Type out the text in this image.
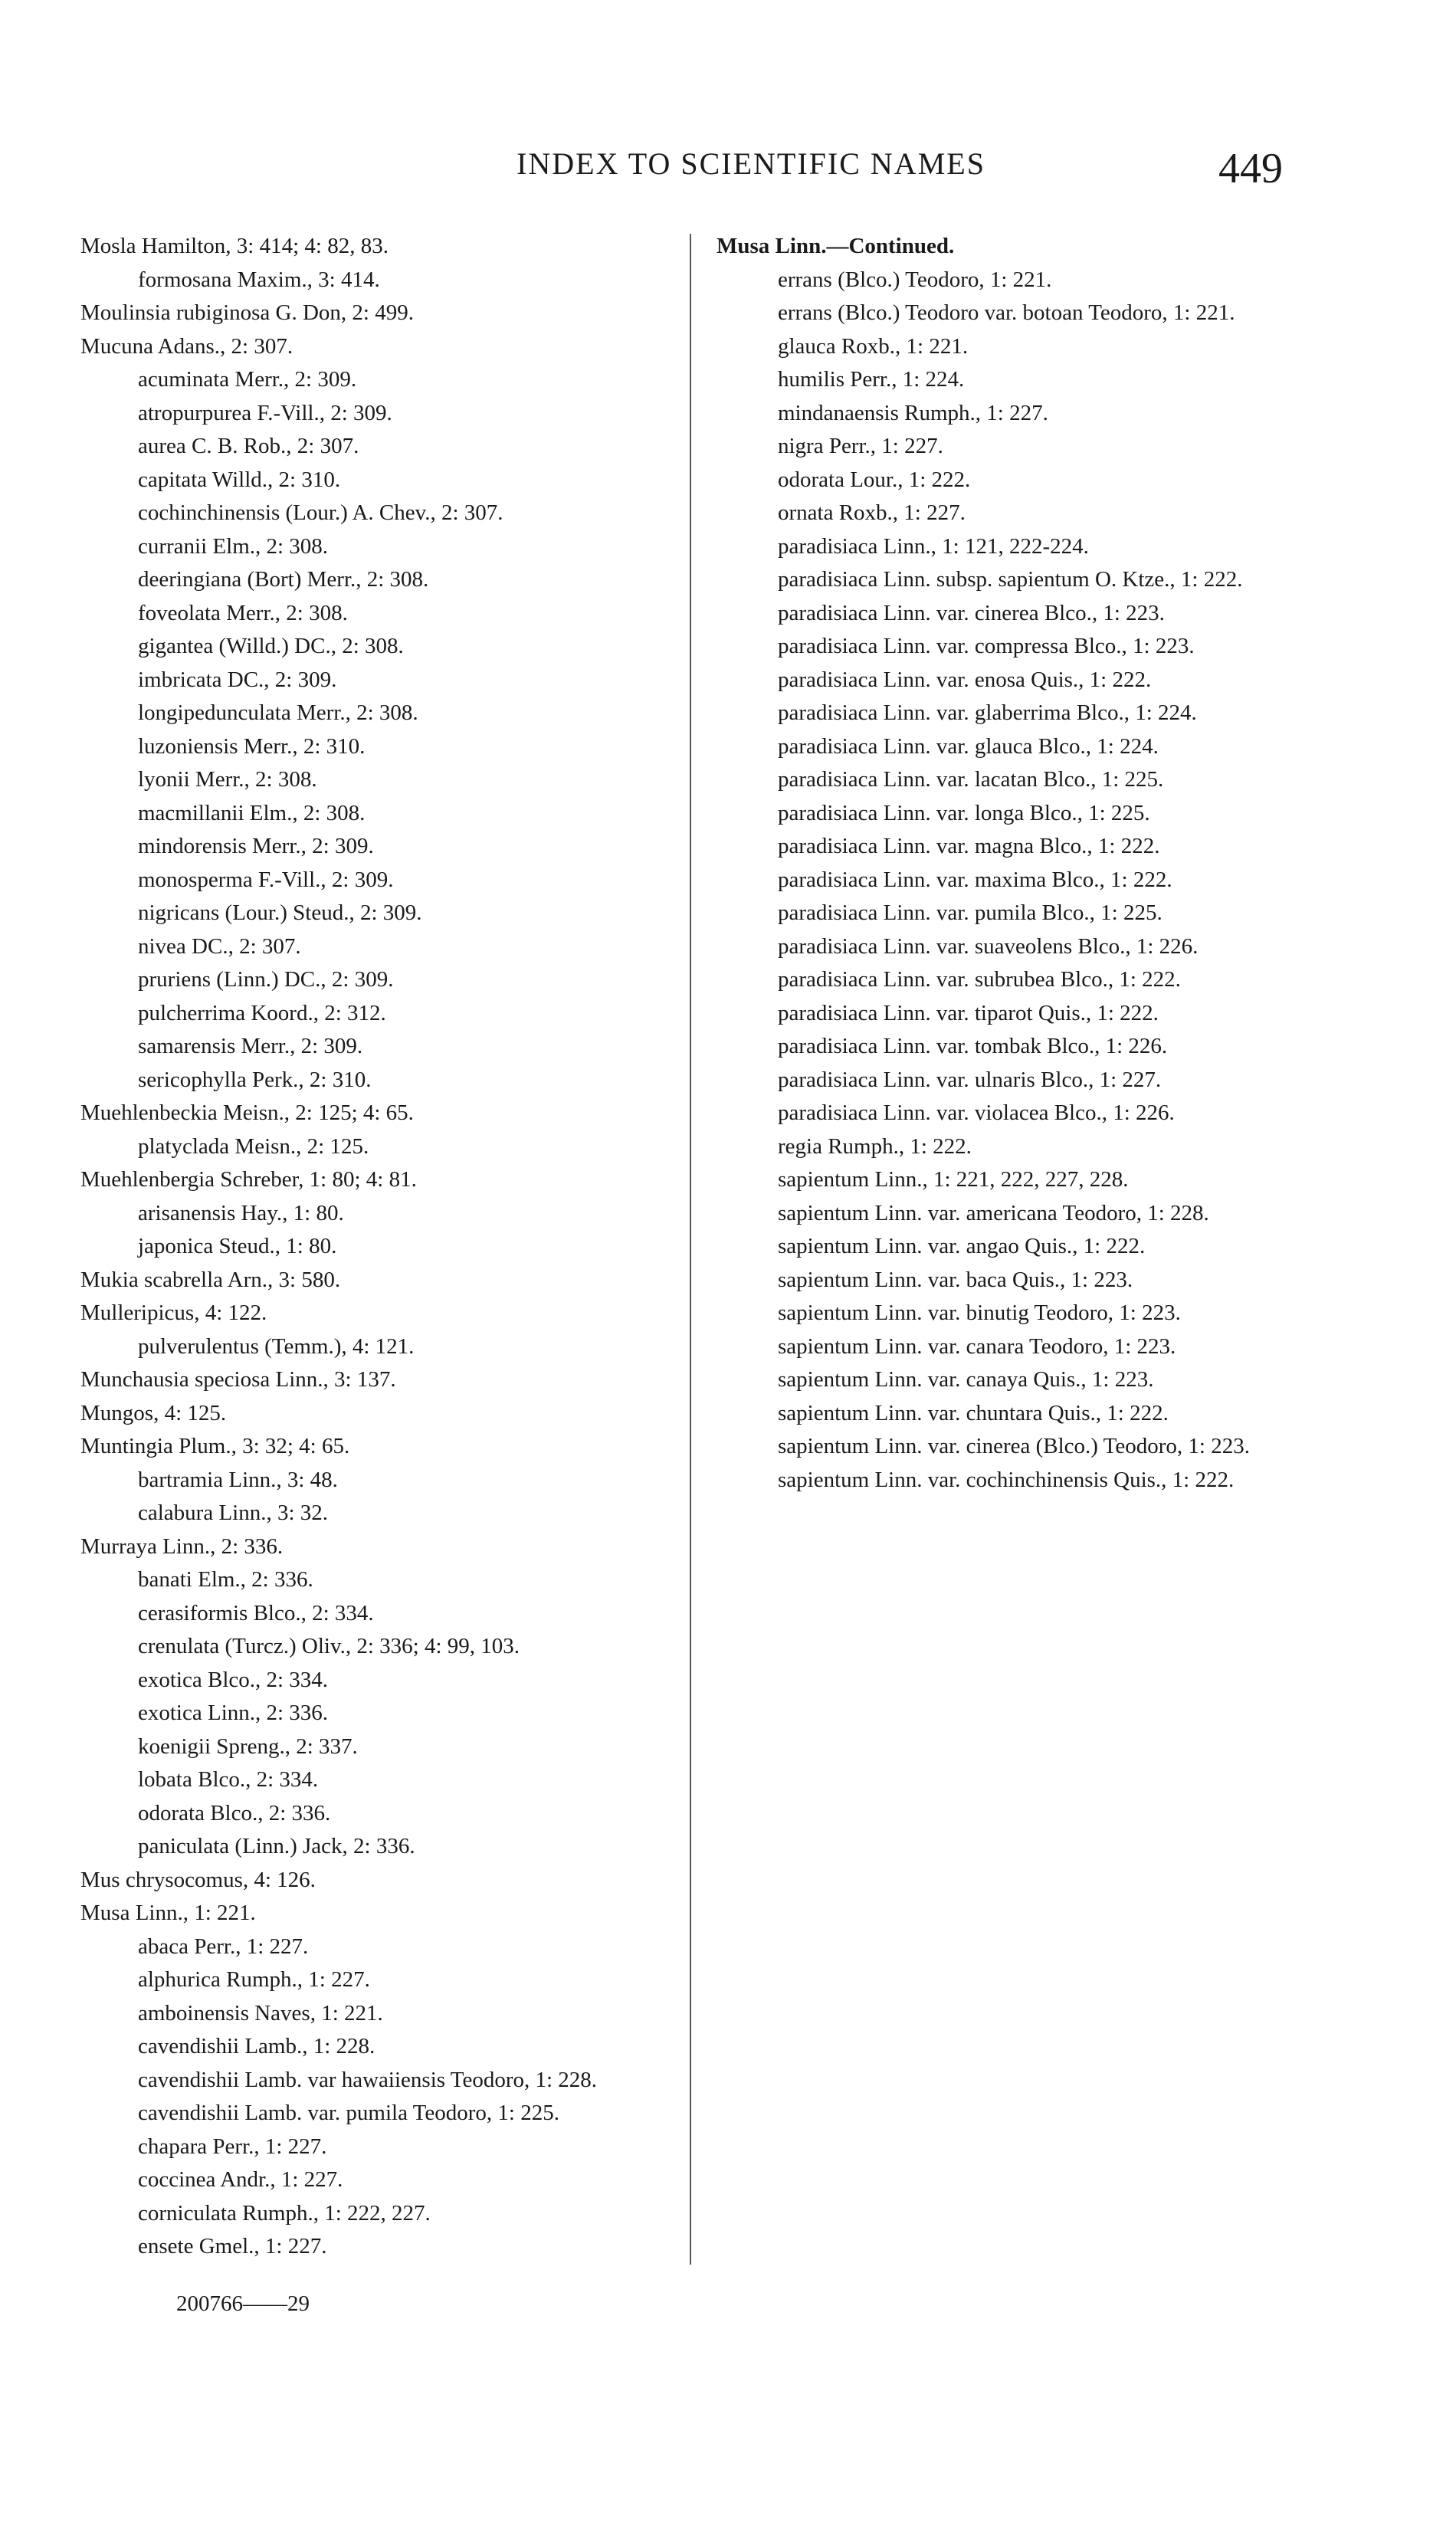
INDEX TO SCIENTIFIC NAMES	449
Mosla Hamilton, 3: 414; 4: 82, 83.
formosana Maxim., 3: 414.
Moulinsia rubiginosa G. Don, 2: 499.
Mucuna Adans., 2: 307.
acuminata Merr., 2: 309.
atropurpurea F.-Vill., 2: 309.
aurea C. B. Rob., 2: 307.
capitata Willd., 2: 310.
cochinchinensis (Lour.) A. Chev., 2: 307.
curranii Elm., 2: 308.
deeringiana (Bort) Merr., 2: 308.
foveolata Merr., 2: 308.
gigantea (Willd.) DC., 2: 308.
imbricata DC., 2: 309.
longipedunculata Merr., 2: 308.
luzoniensis Merr., 2: 310.
lyonii Merr., 2: 308.
macmillanii Elm., 2: 308.
mindorensis Merr., 2: 309.
monosperma F.-Vill., 2: 309.
nigricans (Lour.) Steud., 2: 309.
nivea DC., 2: 307.
pruriens (Linn.) DC., 2: 309.
pulcherrima Koord., 2: 312.
samarensis Merr., 2: 309.
sericophylla Perk., 2: 310.
Muehlenbeckia Meisn., 2: 125; 4: 65.
platyclada Meisn., 2: 125.
Muehlenbergia Schreber, 1: 80; 4: 81.
arisanensis Hay., 1: 80.
japonica Steud., 1: 80.
Mukia scabrella Arn., 3: 580.
Mulleripicus, 4: 122.
pulverulentus (Temm.), 4: 121.
Munchausia speciosa Linn., 3: 137.
Mungos, 4: 125.
Muntingia Plum., 3: 32; 4: 65.
bartramia Linn., 3: 48.
calabura Linn., 3: 32.
Murraya Linn., 2: 336.
banati Elm., 2: 336.
cerasiformis Blco., 2: 334.
crenulata (Turcz.) Oliv., 2: 336; 4: 99, 103.
exotica Blco., 2: 334.
exotica Linn., 2: 336.
koenigii Spreng., 2: 337.
lobata Blco., 2: 334.
odorata Blco., 2: 336.
paniculata (Linn.) Jack, 2: 336.
Mus chrysocomus, 4: 126.
Musa Linn., 1: 221.
abaca Perr., 1: 227.
alphurica Rumph., 1: 227.
amboinensis Naves, 1: 221.
cavendishii Lamb., 1: 228.
cavendishii Lamb. var hawaiiensis Teodoro, 1: 228.
cavendishii Lamb. var. pumila Teodoro, 1: 225.
chapara Perr., 1: 227.
coccinea Andr., 1: 227.
corniculata Rumph., 1: 222, 227.
ensete Gmel., 1: 227.
Musa Linn.—Continued.
errans (Blco.) Teodoro, 1: 221.
errans (Blco.) Teodoro var. botoan Teodoro, 1: 221.
glauca Roxb., 1: 221.
humilis Perr., 1: 224.
mindanaensis Rumph., 1: 227.
nigra Perr., 1: 227.
odorata Lour., 1: 222.
ornata Roxb., 1: 227.
paradisiaca Linn., 1: 121, 222-224.
paradisiaca Linn. subsp. sapientum O. Ktze., 1: 222.
paradisiaca Linn. var. cinerea Blco., 1: 223.
paradisiaca Linn. var. compressa Blco., 1: 223.
paradisiaca Linn. var. enosa Quis., 1: 222.
paradisiaca Linn. var. glaberrima Blco., 1: 224.
paradisiaca Linn. var. glauca Blco., 1: 224.
paradisiaca Linn. var. lacatan Blco., 1: 225.
paradisiaca Linn. var. longa Blco., 1: 225.
paradisiaca Linn. var. magna Blco., 1: 222.
paradisiaca Linn. var. maxima Blco., 1: 222.
paradisiaca Linn. var. pumila Blco., 1: 225.
paradisiaca Linn. var. suaveolens Blco., 1: 226.
paradisiaca Linn. var. subrubea Blco., 1: 222.
paradisiaca Linn. var. tiparot Quis., 1: 222.
paradisiaca Linn. var. tombak Blco., 1: 226.
paradisiaca Linn. var. ulnaris Blco., 1: 227.
paradisiaca Linn. var. violacea Blco., 1: 226.
regia Rumph., 1: 222.
sapientum Linn., 1: 221, 222, 227, 228.
sapientum Linn. var. americana Teodoro, 1: 228.
sapientum Linn. var. angao Quis., 1: 222.
sapientum Linn. var. baca Quis., 1: 223.
sapientum Linn. var. binutig Teodoro, 1: 223.
sapientum Linn. var. canara Teodoro, 1: 223.
sapientum Linn. var. canaya Quis., 1: 223.
sapientum Linn. var. chuntara Quis., 1: 222.
sapientum Linn. var. cinerea (Blco.) Teodoro, 1: 223.
sapientum Linn. var. cochinchinensis Quis., 1: 222.
200766——29
